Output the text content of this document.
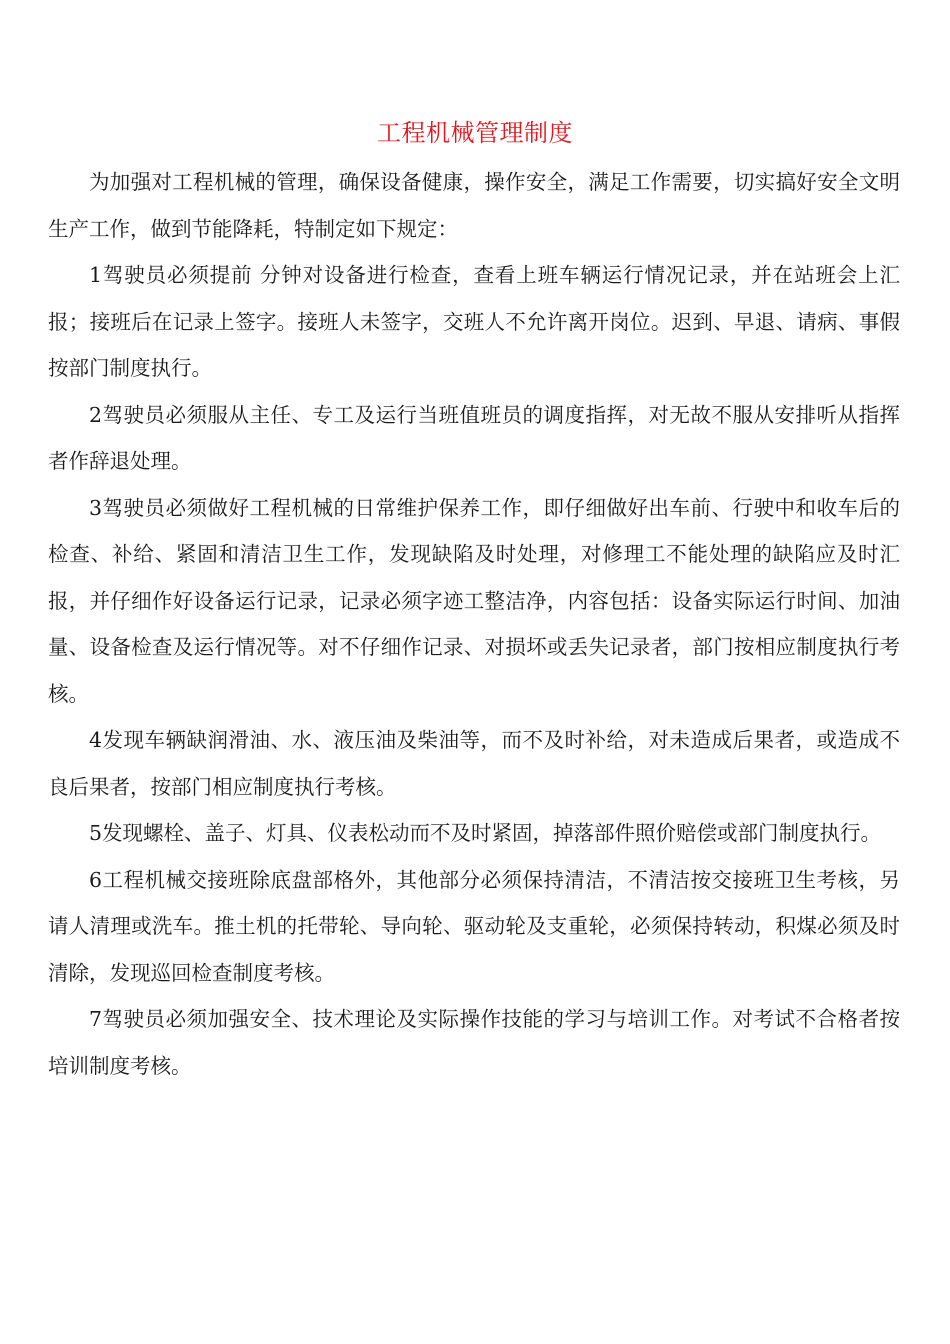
工程机械管理制度

为加强对工程机械的管理，确保设备健康，操作安全，满足工作需要，切实搞好安全文明生产工作，做到节能降耗，特制定如下规定：

1驾驶员必须提前 分钟对设备进行检查，查看上班车辆运行情况记录，并在站班会上汇报；接班后在记录上签字。接班人未签字，交班人不允许离开岗位。迟到、早退、请病、事假按部门制度执行。

2驾驶员必须服从主任、专工及运行当班值班员的调度指挥，对无故不服从安排听从指挥者作辞退处理。

3驾驶员必须做好工程机械的日常维护保养工作，即仔细做好出车前、行驶中和收车后的检查、补给、紧固和清洁卫生工作，发现缺陷及时处理，对修理工不能处理的缺陷应及时汇报，并仔细作好设备运行记录，记录必须字迹工整洁净，内容包括：设备实际运行时间、加油量、设备检查及运行情况等。对不仔细作记录、对损坏或丢失记录者，部门按相应制度执行考核。

4发现车辆缺润滑油、水、液压油及柴油等，而不及时补给，对未造成后果者，或造成不良后果者，按部门相应制度执行考核。

5发现螺栓、盖子、灯具、仪表松动而不及时紧固，掉落部件照价赔偿或部门制度执行。

6工程机械交接班除底盘部格外，其他部分必须保持清洁，不清洁按交接班卫生考核，另请人清理或洗车。推土机的托带轮、导向轮、驱动轮及支重轮，必须保持转动，积煤必须及时清除，发现巡回检查制度考核。

7驾驶员必须加强安全、技术理论及实际操作技能的学习与培训工作。对考试不合格者按培训制度考核。
